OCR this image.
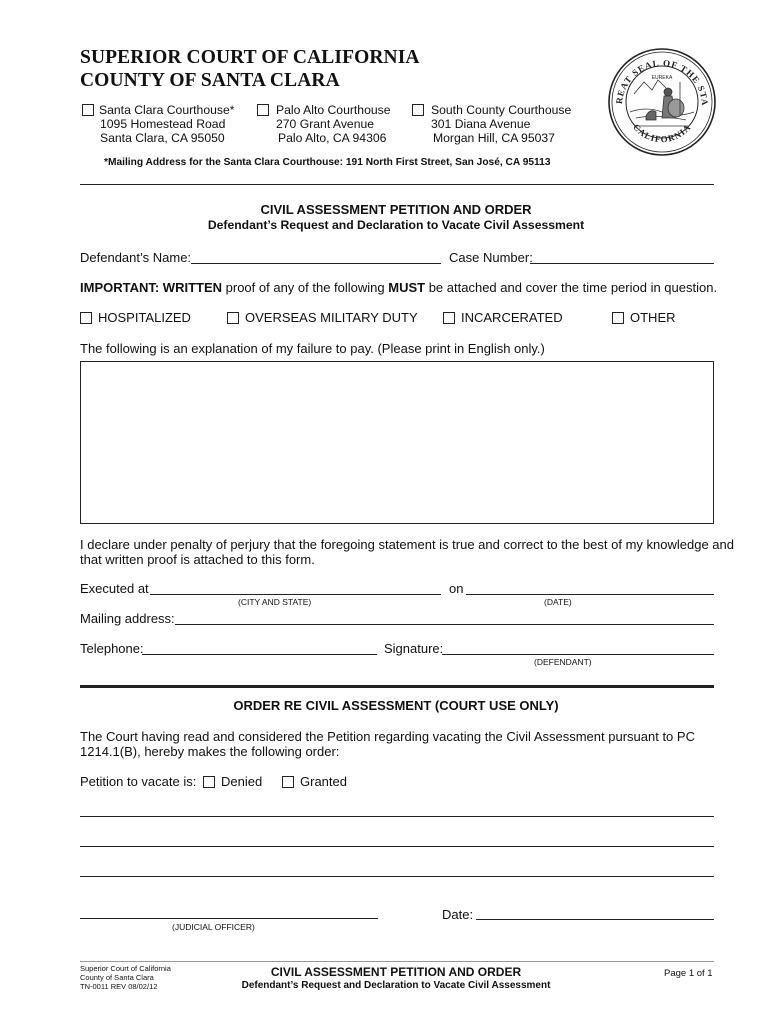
SUPERIOR COURT OF CALIFORNIA
COUNTY OF SANTA CLARA
REAT SEAL OF THE STA
CALIFORNIA
EUREKA
Santa Clara Courthouse*
1095 Homestead Road
Santa Clara, CA 95050
Palo Alto Courthouse
270 Grant Avenue
Palo Alto, CA 94306
South County Courthouse
301 Diana Avenue
Morgan Hill, CA 95037
*Mailing Address for the Santa Clara Courthouse: 191 North First Street, San José, CA 95113
CIVIL ASSESSMENT PETITION AND ORDER
Defendant’s Request and Declaration to Vacate Civil Assessment
Defendant’s Name:	Case Number:
IMPORTANT: WRITTEN proof of any of the following MUST be attached and cover the time period in question.
HOSPITALIZED	OVERSEAS MILITARY DUTY	INCARCERATED	OTHER
The following is an explanation of my failure to pay. (Please print in English only.)
I declare under penalty of perjury that the foregoing statement is true and correct to the best of my knowledge and
that written proof is attached to this form.
Executed at
(CITY AND STATE)
on
(DATE)
Mailing address:
Telephone:	Signature:
(DEFENDANT)
ORDER RE CIVIL ASSESSMENT (COURT USE ONLY)
The Court having read and considered the Petition regarding vacating the Civil Assessment pursuant to PC
1214.1(B), hereby makes the following order:
Petition to vacate is:	Denied	Granted
(JUDICIAL OFFICER)
Date:
Superior Court of California
County of Santa Clara
TN-0011 REV 08/02/12
CIVIL ASSESSMENT PETITION AND ORDER
Defendant’s Request and Declaration to Vacate Civil Assessment
Page 1 of 1
